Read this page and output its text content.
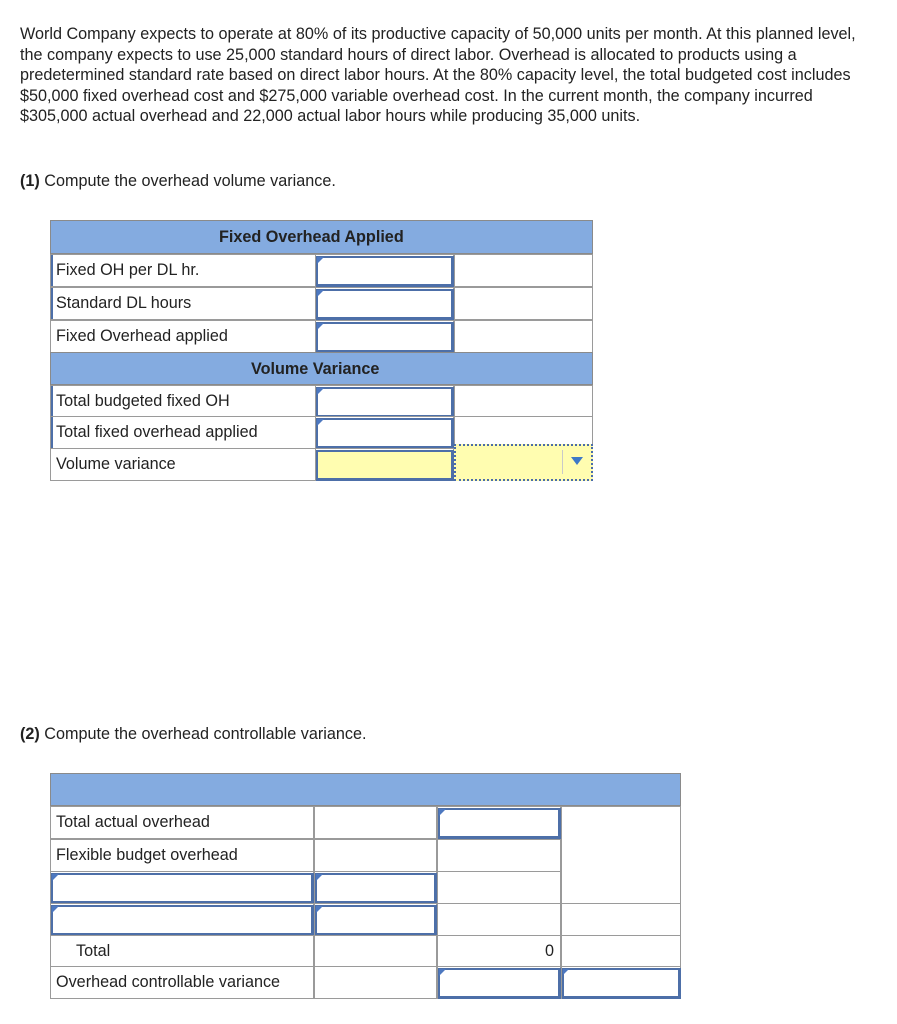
World Company expects to operate at 80% of its productive capacity of 50,000 units per month. At this planned level, the company expects to use 25,000 standard hours of direct labor. Overhead is allocated to products using a predetermined standard rate based on direct labor hours. At the 80% capacity level, the total budgeted cost includes $50,000 fixed overhead cost and $275,000 variable overhead cost. In the current month, the company incurred $305,000 actual overhead and 22,000 actual labor hours while producing 35,000 units.

(1) Compute the overhead volume variance.

Fixed Overhead Applied
Fixed OH per DL hr.
Standard DL hours
Fixed Overhead applied
Volume Variance
Total budgeted fixed OH
Total fixed overhead applied
Volume variance

(2) Compute the overhead controllable variance.

Total actual overhead
Flexible budget overhead
Total	0
Overhead controllable variance
